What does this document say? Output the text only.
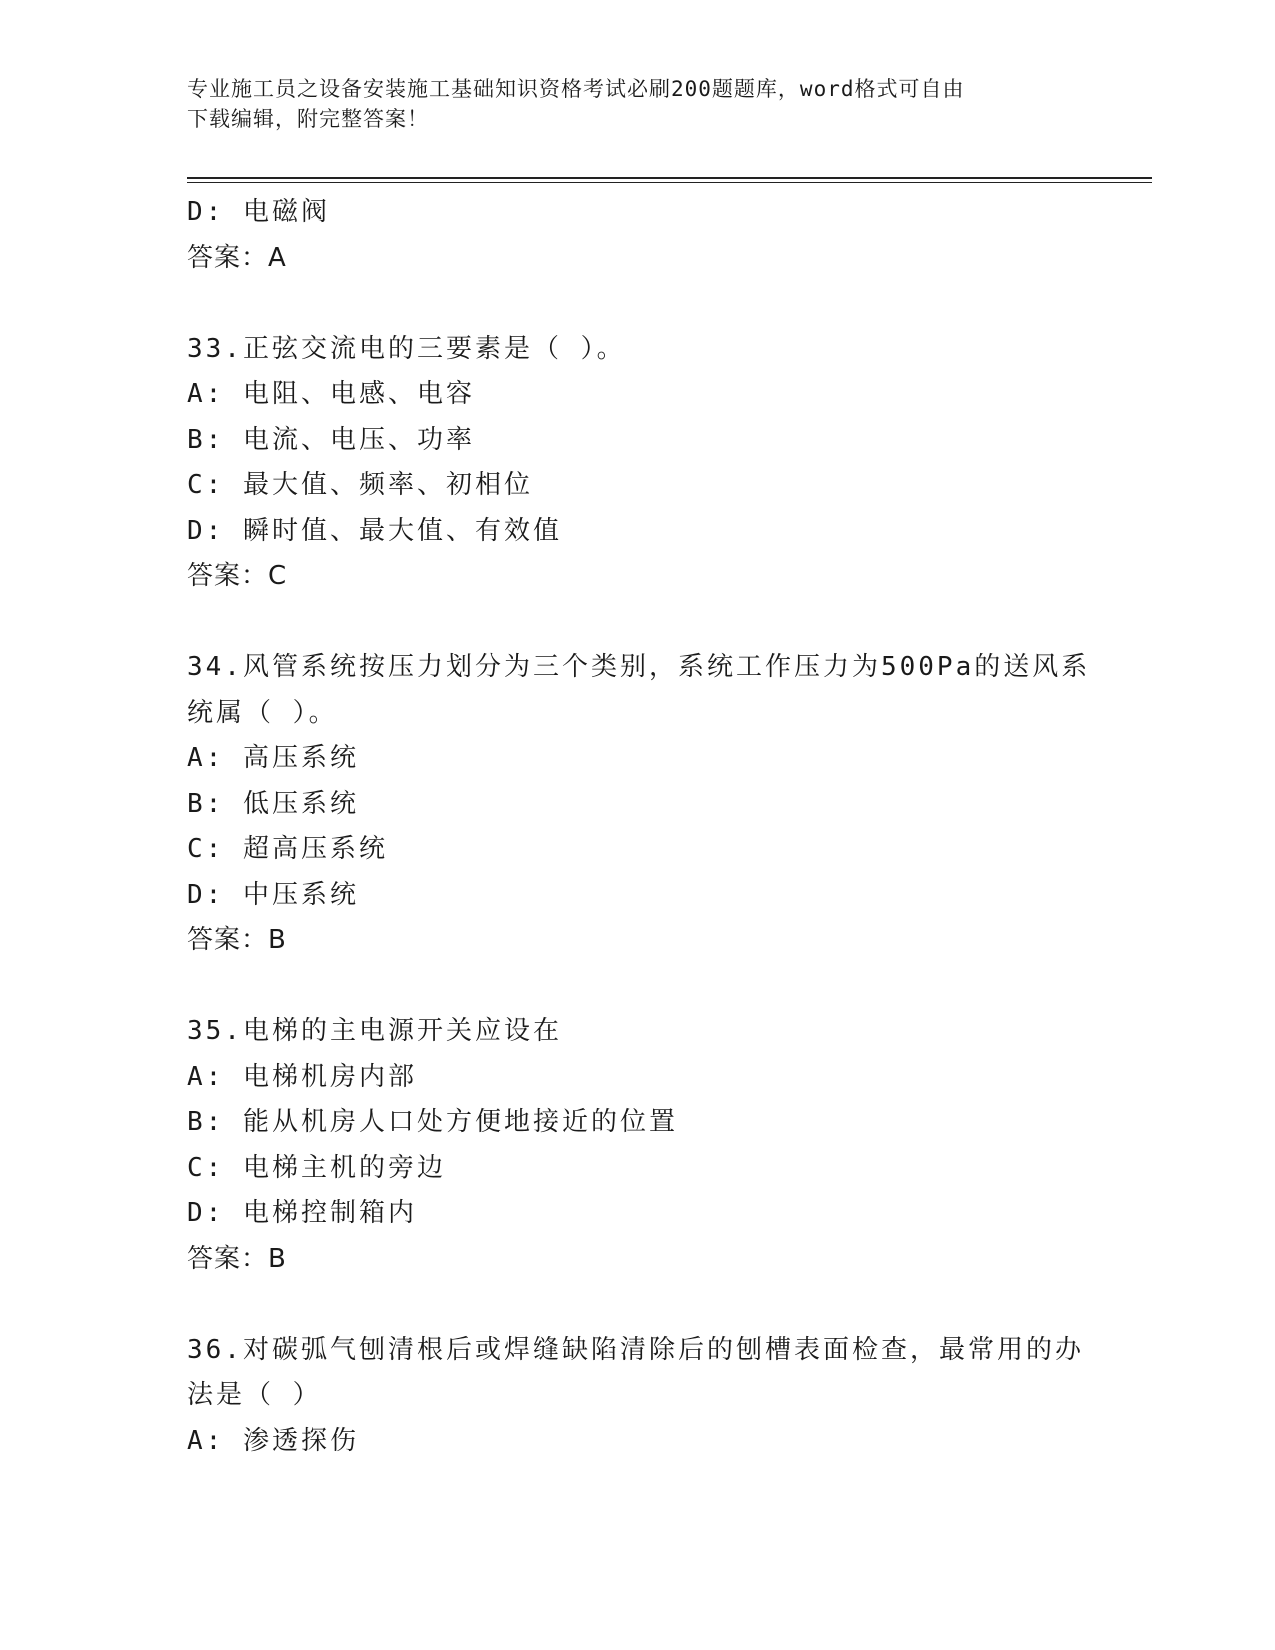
专业施工员之设备安装施工基础知识资格考试必刷200题题库，word格式可自由
下载编辑，附完整答案！
D: 电磁阀
答案：A
33.正弦交流电的三要素是（ ）。
A: 电阻、电感、电容
B: 电流、电压、功率
C: 最大值、频率、初相位
D: 瞬时值、最大值、有效值
答案：C
34.风管系统按压力划分为三个类别，系统工作压力为500Pa的送风系
统属（ ）。
A: 高压系统
B: 低压系统
C: 超高压系统
D: 中压系统
答案：B
35.电梯的主电源开关应设在
A: 电梯机房内部
B: 能从机房人口处方便地接近的位置
C: 电梯主机的旁边
D: 电梯控制箱内
答案：B
36.对碳弧气刨清根后或焊缝缺陷清除后的刨槽表面检查，最常用的办
法是（ ）
A: 渗透探伤
